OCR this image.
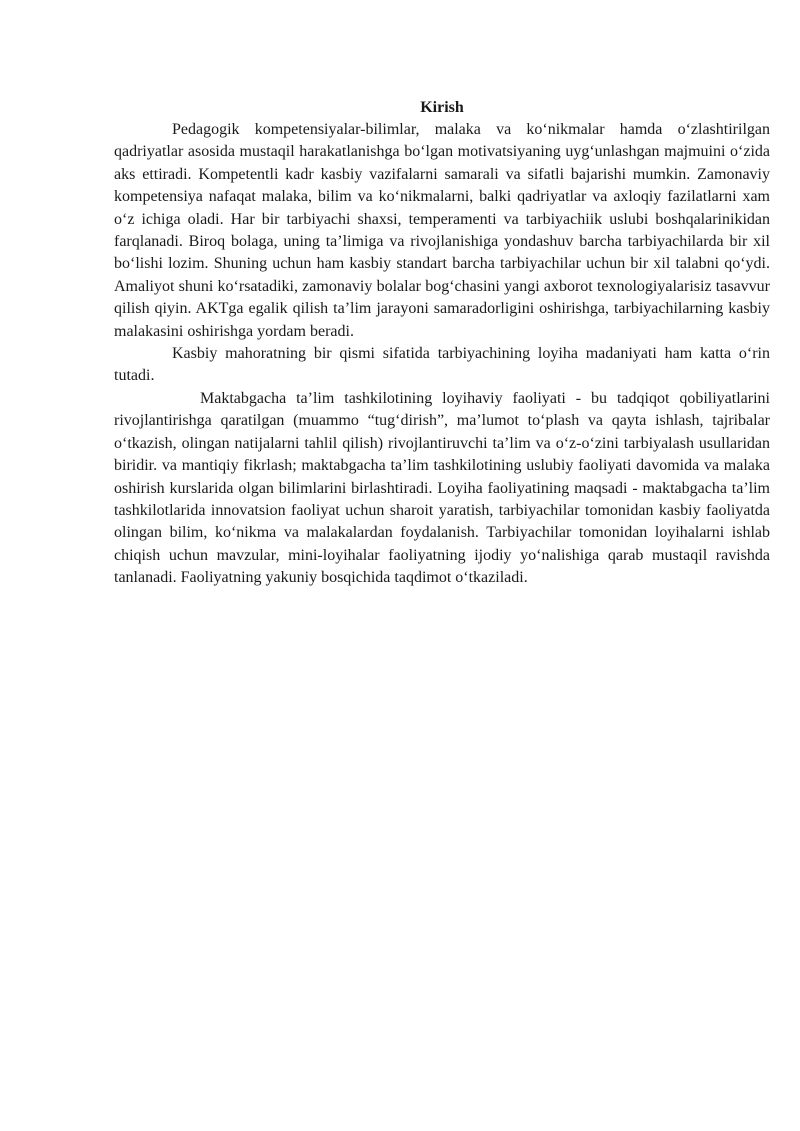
Kirish

Pedagogik kompetensiyalar-bilimlar, malaka va ko‘nikmalar hamda o‘zlashtirilgan qadriyatlar asosida mustaqil harakatlanishga bo‘lgan motivatsiyaning uyg‘unlashgan majmuini o‘zida aks ettiradi. Kompetentli kadr kasbiy vazifalarni samarali va sifatli bajarishi mumkin. Zamonaviy kompetensiya nafaqat malaka, bilim va ko‘nikmalarni, balki qadriyatlar va axloqiy fazilatlarni xam o‘z ichiga oladi. Har bir tarbiyachi shaxsi, temperamenti va tarbiyachiik uslubi boshqalarinikidan farqlanadi. Biroq bolaga, uning ta’limiga va rivojlanishiga yondashuv barcha tarbiyachilarda bir xil bo‘lishi lozim. Shuning uchun ham kasbiy standart barcha tarbiyachilar uchun bir xil talabni qo‘ydi. Amaliyot shuni ko‘rsatadiki, zamonaviy bolalar bog‘chasini yangi axborot texnologiyalarisiz tasavvur qilish qiyin. AKTga egalik qilish ta’lim jarayoni samaradorligini oshirishga, tarbiyachilarning kasbiy malakasini oshirishga yordam beradi.

Kasbiy mahoratning bir qismi sifatida tarbiyachining loyiha madaniyati ham katta o‘rin tutadi.

Maktabgacha ta’lim tashkilotining loyihaviy faoliyati - bu tadqiqot qobiliyatlarini rivojlantirishga qaratilgan (muammo “tug‘dirish”, ma’lumot to‘plash va qayta ishlash, tajribalar o‘tkazish, olingan natijalarni tahlil qilish) rivojlantiruvchi ta’lim va o‘z-o‘zini tarbiyalash usullaridan biridir. va mantiqiy fikrlash; maktabgacha ta’lim tashkilotining uslubiy faoliyati davomida va malaka oshirish kurslarida olgan bilimlarini birlashtiradi. Loyiha faoliyatining maqsadi - maktabgacha ta’lim tashkilotlarida innovatsion faoliyat uchun sharoit yaratish, tarbiyachilar tomonidan kasbiy faoliyatda olingan bilim, ko‘nikma va malakalardan foydalanish. Tarbiyachilar tomonidan loyihalarni ishlab chiqish uchun mavzular, mini-loyihalar faoliyatning ijodiy yo‘nalishiga qarab mustaqil ravishda tanlanadi. Faoliyatning yakuniy bosqichida taqdimot o‘tkaziladi.
